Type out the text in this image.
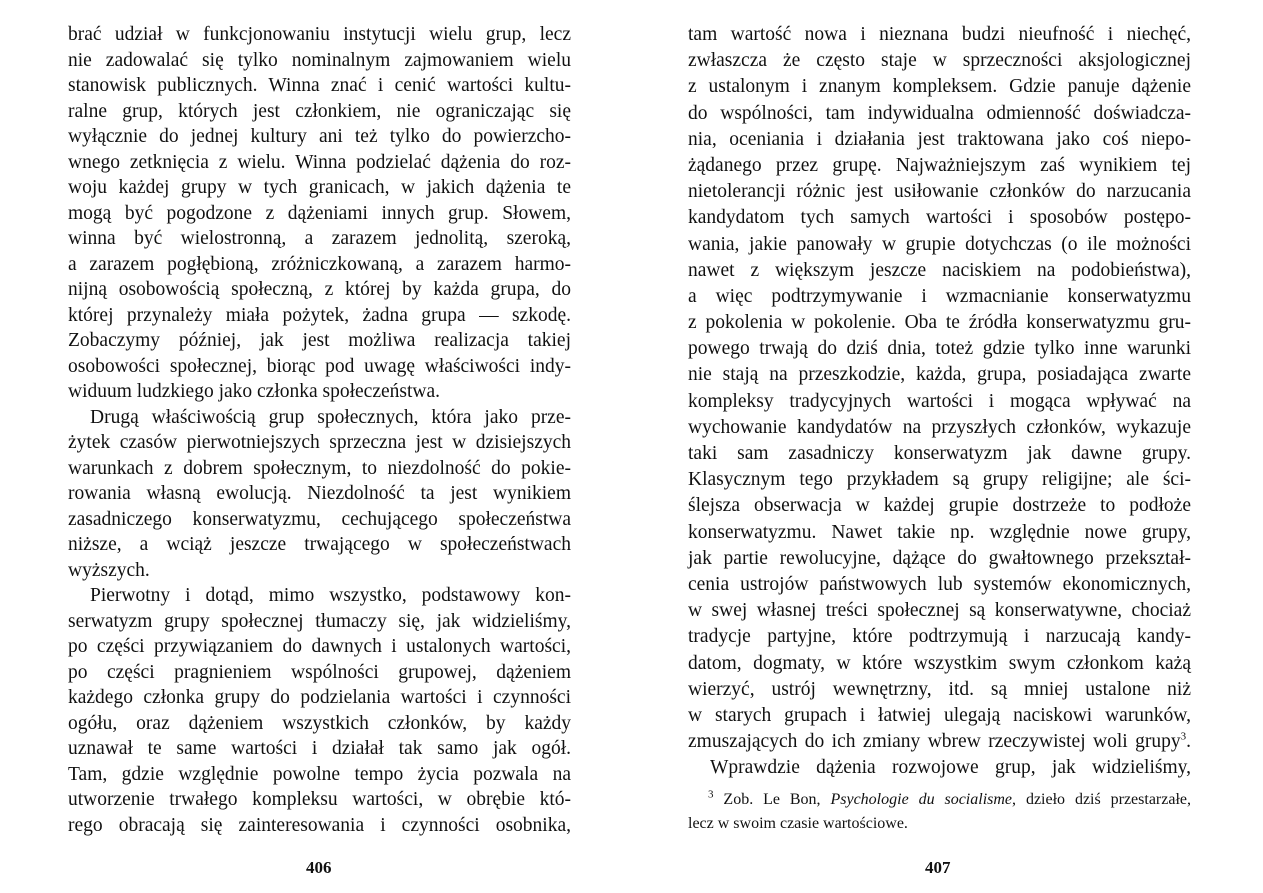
brać udział w funkcjonowaniu instytucji wielu grup, lecz
nie zadowalać się tylko nominalnym zajmowaniem wielu
stanowisk publicznych. Winna znać i cenić wartości kultu-
ralne grup, których jest członkiem, nie ograniczając się
wyłącznie do jednej kultury ani też tylko do powierzcho-
wnego zetknięcia z wielu. Winna podzielać dążenia do roz-
woju każdej grupy w tych granicach, w jakich dążenia te
mogą być pogodzone z dążeniami innych grup. Słowem,
winna być wielostronną, a zarazem jednolitą, szeroką,
a zarazem pogłębioną, zróżniczkowaną, a zarazem harmo-
nijną osobowością społeczną, z której by każda grupa, do
której przynależy miała pożytek, żadna grupa — szkodę.
Zobaczymy później, jak jest możliwa realizacja takiej
osobowości społecznej, biorąc pod uwagę właściwości indy-
widuum ludzkiego jako członka społeczeństwa.
Drugą właściwością grup społecznych, która jako prze-
żytek czasów pierwotniejszych sprzeczna jest w dzisiejszych
warunkach z dobrem społecznym, to niezdolność do pokie-
rowania własną ewolucją. Niezdolność ta jest wynikiem
zasadniczego konserwatyzmu, cechującego społeczeństwa
niższe, a wciąż jeszcze trwającego w społeczeństwach
wyższych.
Pierwotny i dotąd, mimo wszystko, podstawowy kon-
serwatyzm grupy społecznej tłumaczy się, jak widzieliśmy,
po części przywiązaniem do dawnych i ustalonych wartości,
po części pragnieniem wspólności grupowej, dążeniem
każdego członka grupy do podzielania wartości i czynności
ogółu, oraz dążeniem wszystkich członków, by każdy
uznawał te same wartości i działał tak samo jak ogół.
Tam, gdzie względnie powolne tempo życia pozwala na
utworzenie trwałego kompleksu wartości, w obrębie któ-
rego obracają się zainteresowania i czynności osobnika,
tam wartość nowa i nieznana budzi nieufność i niechęć,
zwłaszcza że często staje w sprzeczności aksjologicznej
z ustalonym i znanym kompleksem. Gdzie panuje dążenie
do wspólności, tam indywidualna odmienność doświadcza-
nia, oceniania i działania jest traktowana jako coś niepo-
żądanego przez grupę. Najważniejszym zaś wynikiem tej
nietolerancji różnic jest usiłowanie członków do narzucania
kandydatom tych samych wartości i sposobów postępo-
wania, jakie panowały w grupie dotychczas (o ile możności
nawet z większym jeszcze naciskiem na podobieństwa),
a więc podtrzymywanie i wzmacnianie konserwatyzmu
z pokolenia w pokolenie. Oba te źródła konserwatyzmu gru-
powego trwają do dziś dnia, toteż gdzie tylko inne warunki
nie stają na przeszkodzie, każda, grupa, posiadająca zwarte
kompleksy tradycyjnych wartości i mogąca wpływać na
wychowanie kandydatów na przyszłych członków, wykazuje
taki sam zasadniczy konserwatyzm jak dawne grupy.
Klasycznym tego przykładem są grupy religijne; ale ści-
ślejsza obserwacja w każdej grupie dostrzeże to podłoże
konserwatyzmu. Nawet takie np. względnie nowe grupy,
jak partie rewolucyjne, dążące do gwałtownego przekształ-
cenia ustrojów państwowych lub systemów ekonomicznych,
w swej własnej treści społecznej są konserwatywne, chociaż
tradycje partyjne, które podtrzymują i narzucają kandy-
datom, dogmaty, w które wszystkim swym członkom każą
wierzyć, ustrój wewnętrzny, itd. są mniej ustalone niż
w starych grupach i łatwiej ulegają naciskowi warunków,
zmuszających do ich zmiany wbrew rzeczywistej woli grupy$^3$.
Wprawdzie dążenia rozwojowe grup, jak widzieliśmy,
$^3$ Zob. Le Bon, Psychologie du socialisme, dzieło dziś przestarzałe,
lecz w swoim czasie wartościowe.
406	407
